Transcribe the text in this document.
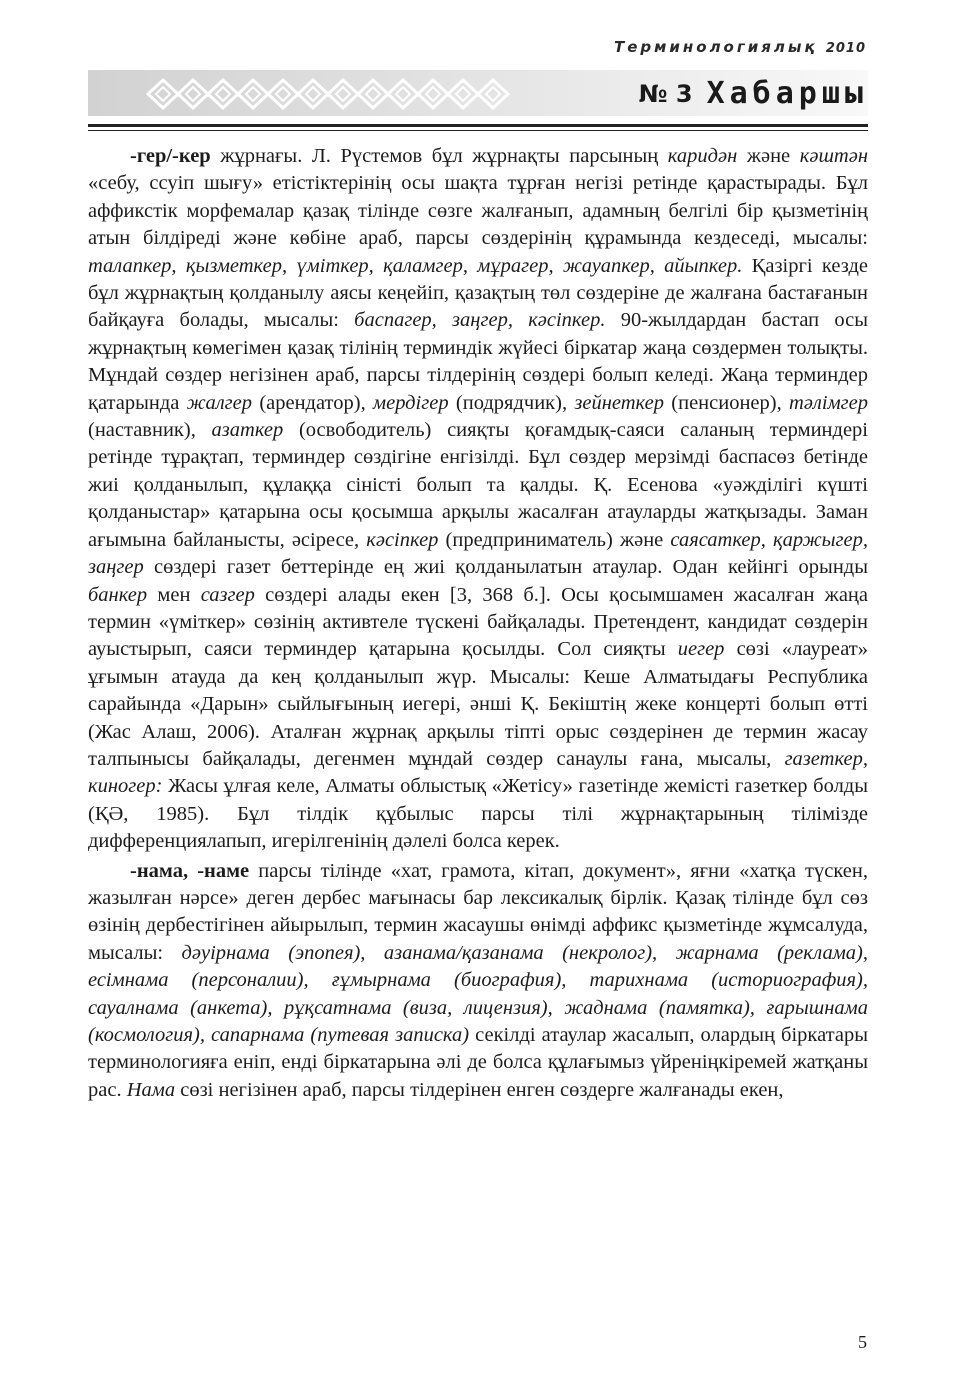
Терминологиялық 2010
№ 3 Хабаршы

-гер/-кер жұрнағы. Л. Рүстемов бұл жұрнақты парсының каридән және кәштән «себу, ссуіп шығу» етістіктерінің осы шақта тұрған негізі ретінде қарастырады. Бұл аффикстік морфемалар қазақ тілінде сөзге жалғанып, адамның белгілі бір қызметінің атын білдіреді және көбіне араб, парсы сөздерінің құрамында кездеседі, мысалы: талапкер, қызметкер, үміткер, қаламгер, мұрагер, жауапкер, айыпкер. Қазіргі кезде бұл жұрнақтың қолданылу аясы кеңейіп, қазақтың төл сөздеріне де жалғана бастағанын байқауға болады, мысалы: баспагер, заңгер, кәсіпкер. 90-жылдардан бастап осы жұрнақтың көмегімен қазақ тілінің терминдік жүйесі біркатар жаңа сөздермен толықты. Мұндай сөздер негізінен араб, парсы тілдерінің сөздері болып келеді. Жаңа терминдер қатарында жалгер (арендатор), мердігер (подрядчик), зейнеткер (пенсионер), тәлімгер (наставник), азаткер (освободитель) сияқты қоғамдық-саяси саланың терминдері ретінде тұрақтап, терминдер сөздігіне енгізілді. Бұл сөздер мерзімді баспасөз бетінде жиі қолданылып, құлаққа сіністі болып та қалды. Қ. Есенова «уәждiлiгi күшті қолданыстар» қатарына осы қосымша арқылы жасалған атауларды жатқызады. Заман ағымына байланысты, әсіресе, кәсіпкер (предприниматель) және саясаткер, қаржыгер, заңгер сөздері газет беттерінде ең жиі қолданылатын атаулар. Одан кейінгі орынды банкер мен сазгер сөздері алады екен [3, 368 б.]. Осы қосымшамен жасалған жаңа термин «үміткер» сөзінің активтеле түскені байқалады. Претендент, кандидат сөздерін ауыстырып, саяси терминдер қатарына қосылды. Сол сияқты иегер сөзі «лауреат» ұғымын атауда да кең қолданылып жүр. Мысалы: Кеше Алматыдағы Республика сарайында «Дарын» сыйлығының иегері, әнші Қ. Бекіштің жеке концерті болып өтті (Жас Алаш, 2006). Аталған жұрнақ арқылы тіпті орыс сөздерінен де термин жасау талпынысы байқалады, дегенмен мұндай сөздер санаулы ғана, мысалы, газеткер, киногер: Жасы ұлғая келе, Алматы облыстық «Жетісу» газетінде жемісті газеткер болды (ҚӘ, 1985). Бұл тілдік құбылыс парсы тілі жұрнақтарының тілімізде дифференциялапып, игерілгенінің дәлелі болса керек.

-нама, -наме парсы тілінде «хат, грамота, кітап, документ», яғни «хатқа түскен, жазылған нәрсе» деген дербес мағынасы бар лексикалық бірлік. Қазақ тілінде бұл сөз өзінің дербестігінен айырылып, термин жасаушы өнімді аффикс қызметінде жұмсалуда, мысалы: дәуірнама (эпопея), азанама/қазанама (некролог), жарнама (реклама), есімнама (персоналии), ғұмырнама (биография), тарихнама (историография), сауалнама (анкета), рұқсатнама (виза, лицензия), жаднама (памятка), ғарышнама (космология), сапарнама (путевая записка) секілді атаулар жасалып, олардың біркатары терминологияға еніп, енді біркатарына әлі де болса құлағымыз үйреніңкіремей жатқаны рас. Нама сөзі негізінен араб, парсы тілдерінен енген сөздерге жалғанады екен,

5
